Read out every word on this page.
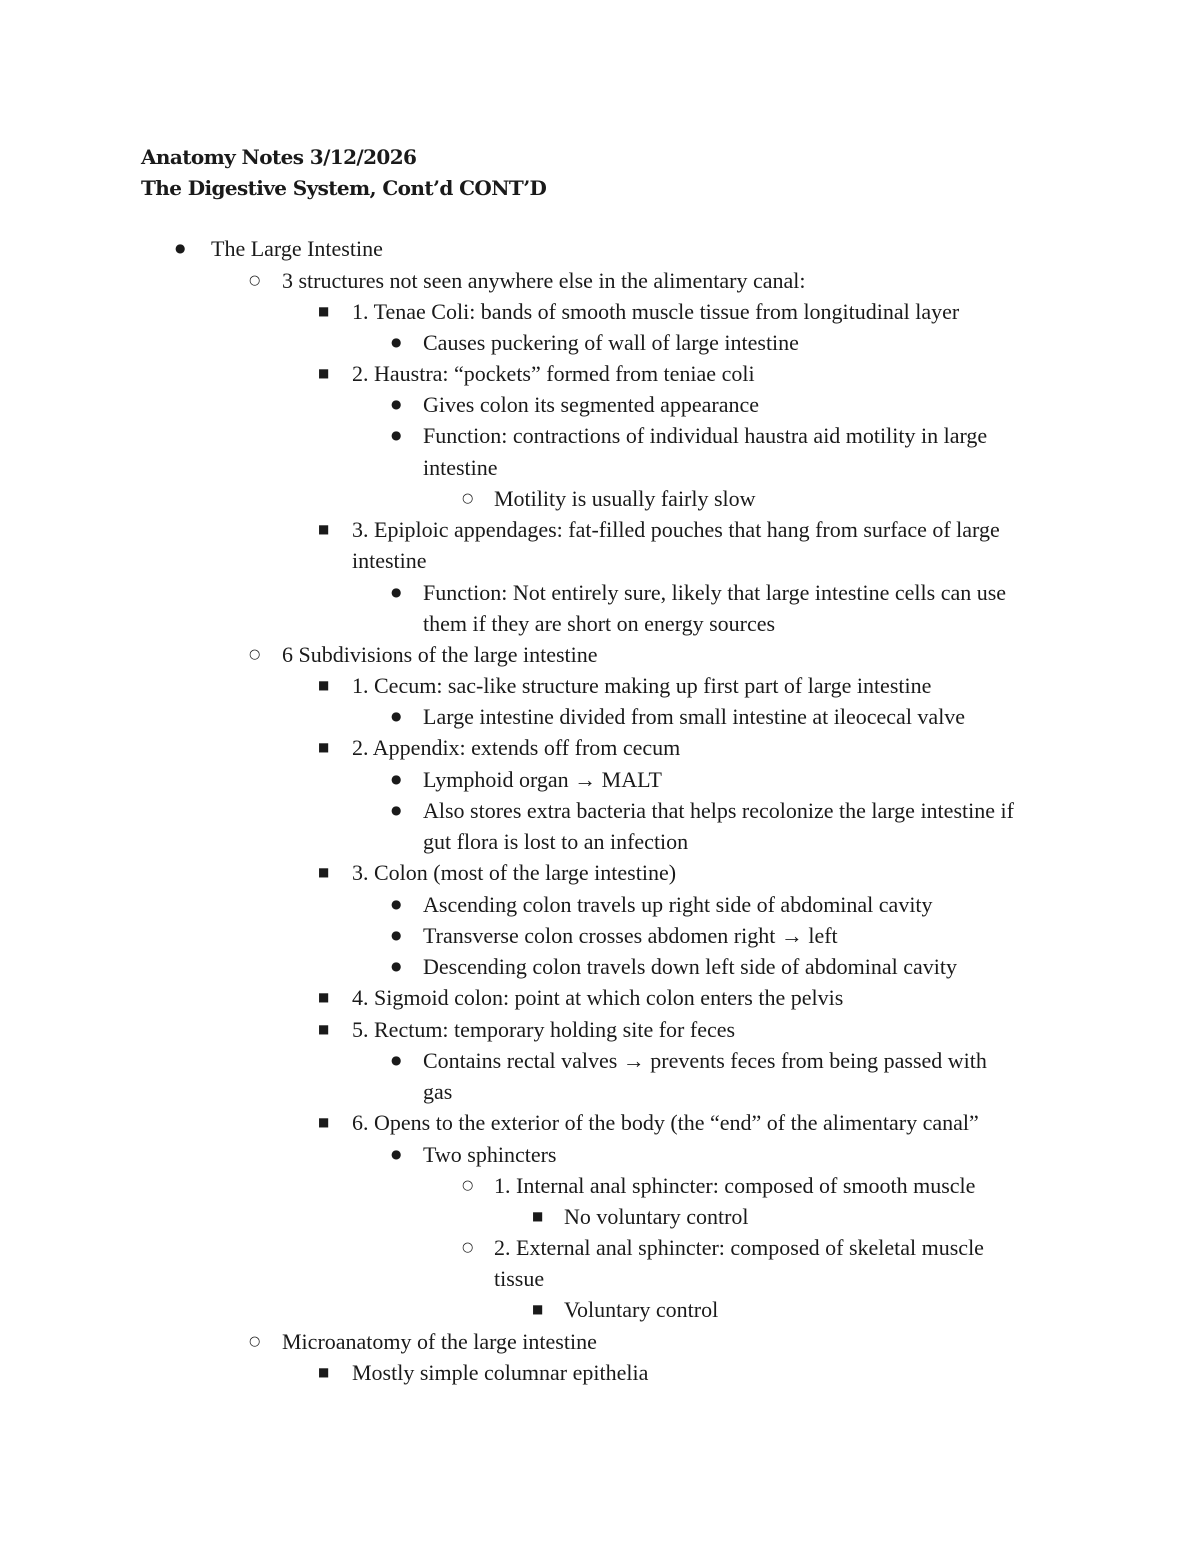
Anatomy Notes 3/12/2026
The Digestive System, Cont’d CONT’D
● The Large Intestine
○ 3 structures not seen anywhere else in the alimentary canal:
■ 1. Tenae Coli: bands of smooth muscle tissue from longitudinal layer
● Causes puckering of wall of large intestine
■ 2. Haustra: “pockets” formed from teniae coli
● Gives colon its segmented appearance
● Function: contractions of individual haustra aid motility in large
intestine
○ Motility is usually fairly slow
■ 3. Epiploic appendages: fat-filled pouches that hang from surface of large
intestine
● Function: Not entirely sure, likely that large intestine cells can use
them if they are short on energy sources
○ 6 Subdivisions of the large intestine
■ 1. Cecum: sac-like structure making up first part of large intestine
● Large intestine divided from small intestine at ileocecal valve
■ 2. Appendix: extends off from cecum
● Lymphoid organ → MALT
● Also stores extra bacteria that helps recolonize the large intestine if
gut flora is lost to an infection
■ 3. Colon (most of the large intestine)
● Ascending colon travels up right side of abdominal cavity
● Transverse colon crosses abdomen right → left
● Descending colon travels down left side of abdominal cavity
■ 4. Sigmoid colon: point at which colon enters the pelvis
■ 5. Rectum: temporary holding site for feces
● Contains rectal valves → prevents feces from being passed with
gas
■ 6. Opens to the exterior of the body (the “end” of the alimentary canal”
● Two sphincters
○ 1. Internal anal sphincter: composed of smooth muscle
■ No voluntary control
○ 2. External anal sphincter: composed of skeletal muscle
tissue
■ Voluntary control
○ Microanatomy of the large intestine
■ Mostly simple columnar epithelia
